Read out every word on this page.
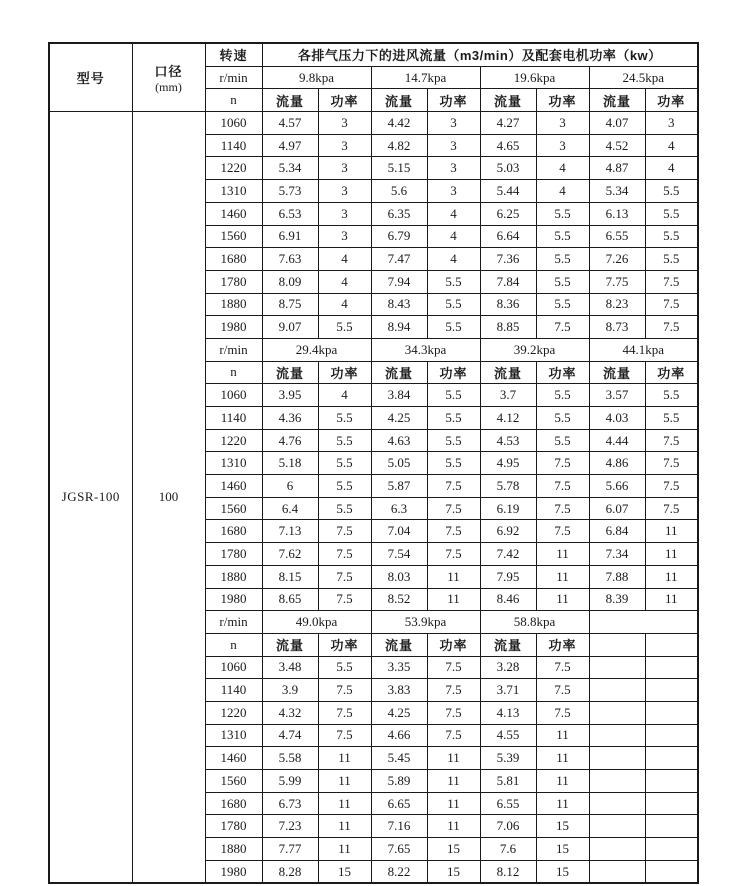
型号	口径
(mm)	转速	各排气压力下的进风流量（m3/min）及配套电机功率（kw）							
		r/min	9.8kpa		14.7kpa		19.6kpa		24.5kpa	
		n	流量	功率	流量	功率	流量	功率	流量	功率
JGSR-100	100	1060	4.57	3	4.42	3	4.27	3	4.07	3
		1140	4.97	3	4.82	3	4.65	3	4.52	4
		1220	5.34	3	5.15	3	5.03	4	4.87	4
		1310	5.73	3	5.6	3	5.44	4	5.34	5.5
		1460	6.53	3	6.35	4	6.25	5.5	6.13	5.5
		1560	6.91	3	6.79	4	6.64	5.5	6.55	5.5
		1680	7.63	4	7.47	4	7.36	5.5	7.26	5.5
		1780	8.09	4	7.94	5.5	7.84	5.5	7.75	7.5
		1880	8.75	4	8.43	5.5	8.36	5.5	8.23	7.5
		1980	9.07	5.5	8.94	5.5	8.85	7.5	8.73	7.5
		r/min	29.4kpa		34.3kpa		39.2kpa		44.1kpa	
		n	流量	功率	流量	功率	流量	功率	流量	功率
		1060	3.95	4	3.84	5.5	3.7	5.5	3.57	5.5
		1140	4.36	5.5	4.25	5.5	4.12	5.5	4.03	5.5
		1220	4.76	5.5	4.63	5.5	4.53	5.5	4.44	7.5
		1310	5.18	5.5	5.05	5.5	4.95	7.5	4.86	7.5
		1460	6	5.5	5.87	7.5	5.78	7.5	5.66	7.5
		1560	6.4	5.5	6.3	7.5	6.19	7.5	6.07	7.5
		1680	7.13	7.5	7.04	7.5	6.92	7.5	6.84	11
		1780	7.62	7.5	7.54	7.5	7.42	11	7.34	11
		1880	8.15	7.5	8.03	11	7.95	11	7.88	11
		1980	8.65	7.5	8.52	11	8.46	11	8.39	11
		r/min	49.0kpa		53.9kpa		58.8kpa			
		n	流量	功率	流量	功率	流量	功率		
		1060	3.48	5.5	3.35	7.5	3.28	7.5		
		1140	3.9	7.5	3.83	7.5	3.71	7.5		
		1220	4.32	7.5	4.25	7.5	4.13	7.5		
		1310	4.74	7.5	4.66	7.5	4.55	11		
		1460	5.58	11	5.45	11	5.39	11		
		1560	5.99	11	5.89	11	5.81	11		
		1680	6.73	11	6.65	11	6.55	11		
		1780	7.23	11	7.16	11	7.06	15		
		1880	7.77	11	7.65	15	7.6	15		
		1980	8.28	15	8.22	15	8.12	15		
